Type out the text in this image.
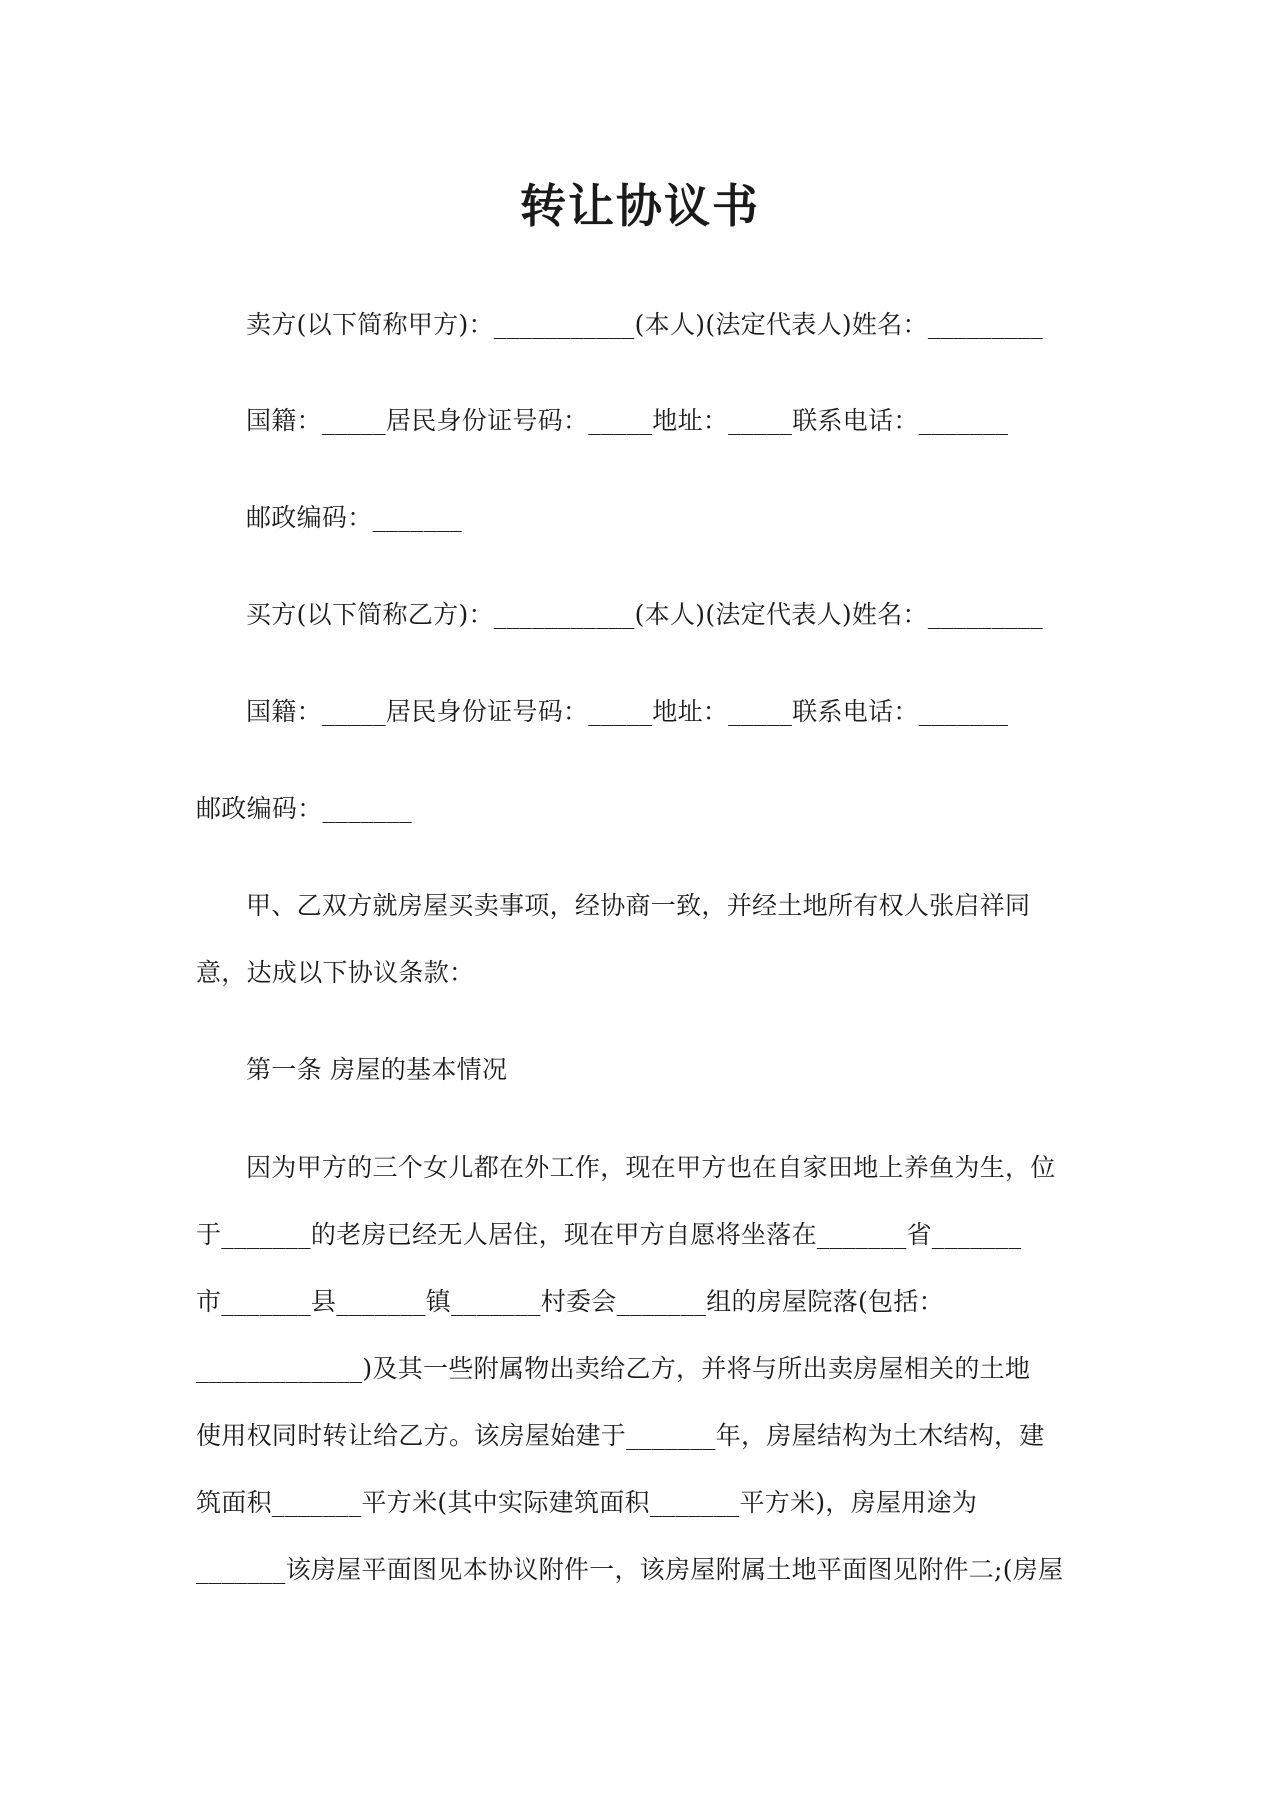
转让协议书
卖方(以下简称甲方)：___________(本人)(法定代表人)姓名：_________
国籍：_____居民身份证号码：_____地址：_____联系电话：_______
邮政编码：_______
买方(以下简称乙方)：___________(本人)(法定代表人)姓名：_________
国籍：_____居民身份证号码：_____地址：_____联系电话：_______
邮政编码：_______
甲、乙双方就房屋买卖事项，经协商一致，并经土地所有权人张启祥同
意，达成以下协议条款：
第一条 房屋的基本情况
因为甲方的三个女儿都在外工作，现在甲方也在自家田地上养鱼为生，位
于_______的老房已经无人居住，现在甲方自愿将坐落在_______省_______
市_______县_______镇_______村委会_______组的房屋院落(包括：
_____________)及其一些附属物出卖给乙方，并将与所出卖房屋相关的土地
使用权同时转让给乙方。该房屋始建于_______年，房屋结构为土木结构，建
筑面积_______平方米(其中实际建筑面积_______平方米)，房屋用途为
_______该房屋平面图见本协议附件一，该房屋附属土地平面图见附件二;(房屋
